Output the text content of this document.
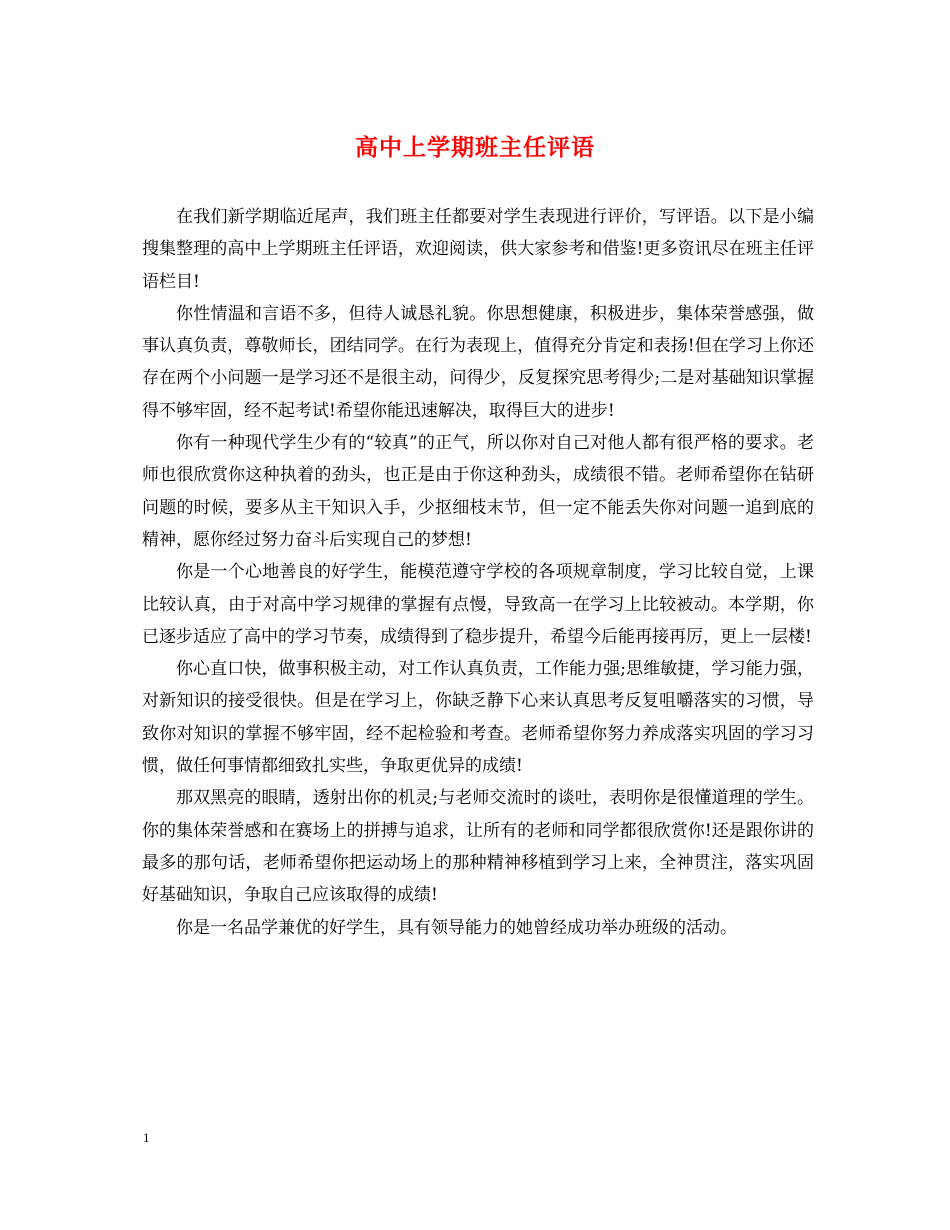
高中上学期班主任评语

在我们新学期临近尾声，我们班主任都要对学生表现进行评价，写评语。以下是小编搜集整理的高中上学期班主任评语，欢迎阅读，供大家参考和借鉴!更多资讯尽在班主任评语栏目!

你性情温和言语不多，但待人诚恳礼貌。你思想健康，积极进步，集体荣誉感强，做事认真负责，尊敬师长，团结同学。在行为表现上，值得充分肯定和表扬!但在学习上你还存在两个小问题一是学习还不是很主动，问得少，反复探究思考得少;二是对基础知识掌握得不够牢固，经不起考试!希望你能迅速解决，取得巨大的进步!

你有一种现代学生少有的“较真”的正气，所以你对自己对他人都有很严格的要求。老师也很欣赏你这种执着的劲头，也正是由于你这种劲头，成绩很不错。老师希望你在钻研问题的时候，要多从主干知识入手，少抠细枝末节，但一定不能丢失你对问题一追到底的精神，愿你经过努力奋斗后实现自己的梦想!

你是一个心地善良的好学生，能模范遵守学校的各项规章制度，学习比较自觉，上课比较认真，由于对高中学习规律的掌握有点慢，导致高一在学习上比较被动。本学期，你已逐步适应了高中的学习节奏，成绩得到了稳步提升，希望今后能再接再厉，更上一层楼!

你心直口快，做事积极主动，对工作认真负责，工作能力强;思维敏捷，学习能力强，对新知识的接受很快。但是在学习上，你缺乏静下心来认真思考反复咀嚼落实的习惯，导致你对知识的掌握不够牢固，经不起检验和考查。老师希望你努力养成落实巩固的学习习惯，做任何事情都细致扎实些，争取更优异的成绩!

那双黑亮的眼睛，透射出你的机灵;与老师交流时的谈吐，表明你是很懂道理的学生。你的集体荣誉感和在赛场上的拼搏与追求，让所有的老师和同学都很欣赏你!还是跟你讲的最多的那句话，老师希望你把运动场上的那种精神移植到学习上来，全神贯注，落实巩固好基础知识，争取自己应该取得的成绩!

你是一名品学兼优的好学生，具有领导能力的她曾经成功举办班级的活动。

1
